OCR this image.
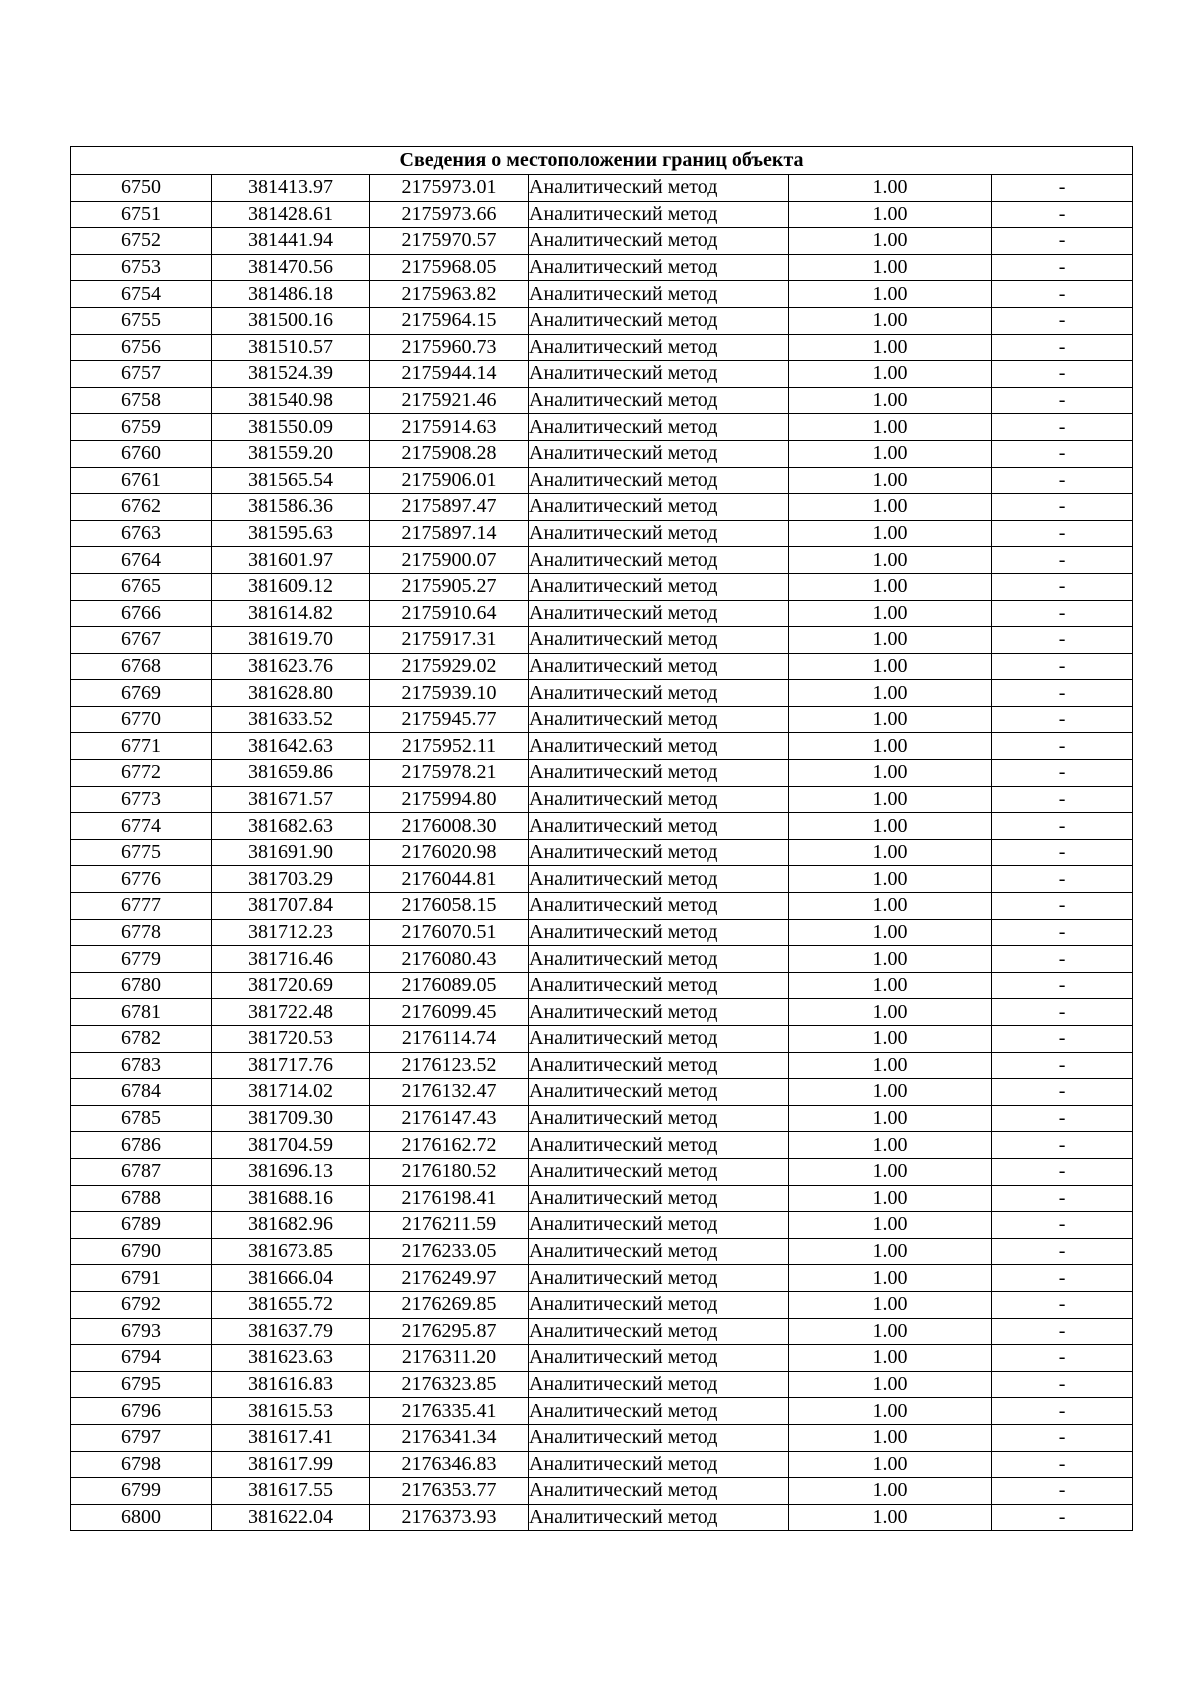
Сведения о местоположении границ объекта					
6750	381413.97	2175973.01	Аналитический метод	1.00	-
6751	381428.61	2175973.66	Аналитический метод	1.00	-
6752	381441.94	2175970.57	Аналитический метод	1.00	-
6753	381470.56	2175968.05	Аналитический метод	1.00	-
6754	381486.18	2175963.82	Аналитический метод	1.00	-
6755	381500.16	2175964.15	Аналитический метод	1.00	-
6756	381510.57	2175960.73	Аналитический метод	1.00	-
6757	381524.39	2175944.14	Аналитический метод	1.00	-
6758	381540.98	2175921.46	Аналитический метод	1.00	-
6759	381550.09	2175914.63	Аналитический метод	1.00	-
6760	381559.20	2175908.28	Аналитический метод	1.00	-
6761	381565.54	2175906.01	Аналитический метод	1.00	-
6762	381586.36	2175897.47	Аналитический метод	1.00	-
6763	381595.63	2175897.14	Аналитический метод	1.00	-
6764	381601.97	2175900.07	Аналитический метод	1.00	-
6765	381609.12	2175905.27	Аналитический метод	1.00	-
6766	381614.82	2175910.64	Аналитический метод	1.00	-
6767	381619.70	2175917.31	Аналитический метод	1.00	-
6768	381623.76	2175929.02	Аналитический метод	1.00	-
6769	381628.80	2175939.10	Аналитический метод	1.00	-
6770	381633.52	2175945.77	Аналитический метод	1.00	-
6771	381642.63	2175952.11	Аналитический метод	1.00	-
6772	381659.86	2175978.21	Аналитический метод	1.00	-
6773	381671.57	2175994.80	Аналитический метод	1.00	-
6774	381682.63	2176008.30	Аналитический метод	1.00	-
6775	381691.90	2176020.98	Аналитический метод	1.00	-
6776	381703.29	2176044.81	Аналитический метод	1.00	-
6777	381707.84	2176058.15	Аналитический метод	1.00	-
6778	381712.23	2176070.51	Аналитический метод	1.00	-
6779	381716.46	2176080.43	Аналитический метод	1.00	-
6780	381720.69	2176089.05	Аналитический метод	1.00	-
6781	381722.48	2176099.45	Аналитический метод	1.00	-
6782	381720.53	2176114.74	Аналитический метод	1.00	-
6783	381717.76	2176123.52	Аналитический метод	1.00	-
6784	381714.02	2176132.47	Аналитический метод	1.00	-
6785	381709.30	2176147.43	Аналитический метод	1.00	-
6786	381704.59	2176162.72	Аналитический метод	1.00	-
6787	381696.13	2176180.52	Аналитический метод	1.00	-
6788	381688.16	2176198.41	Аналитический метод	1.00	-
6789	381682.96	2176211.59	Аналитический метод	1.00	-
6790	381673.85	2176233.05	Аналитический метод	1.00	-
6791	381666.04	2176249.97	Аналитический метод	1.00	-
6792	381655.72	2176269.85	Аналитический метод	1.00	-
6793	381637.79	2176295.87	Аналитический метод	1.00	-
6794	381623.63	2176311.20	Аналитический метод	1.00	-
6795	381616.83	2176323.85	Аналитический метод	1.00	-
6796	381615.53	2176335.41	Аналитический метод	1.00	-
6797	381617.41	2176341.34	Аналитический метод	1.00	-
6798	381617.99	2176346.83	Аналитический метод	1.00	-
6799	381617.55	2176353.77	Аналитический метод	1.00	-
6800	381622.04	2176373.93	Аналитический метод	1.00	-
